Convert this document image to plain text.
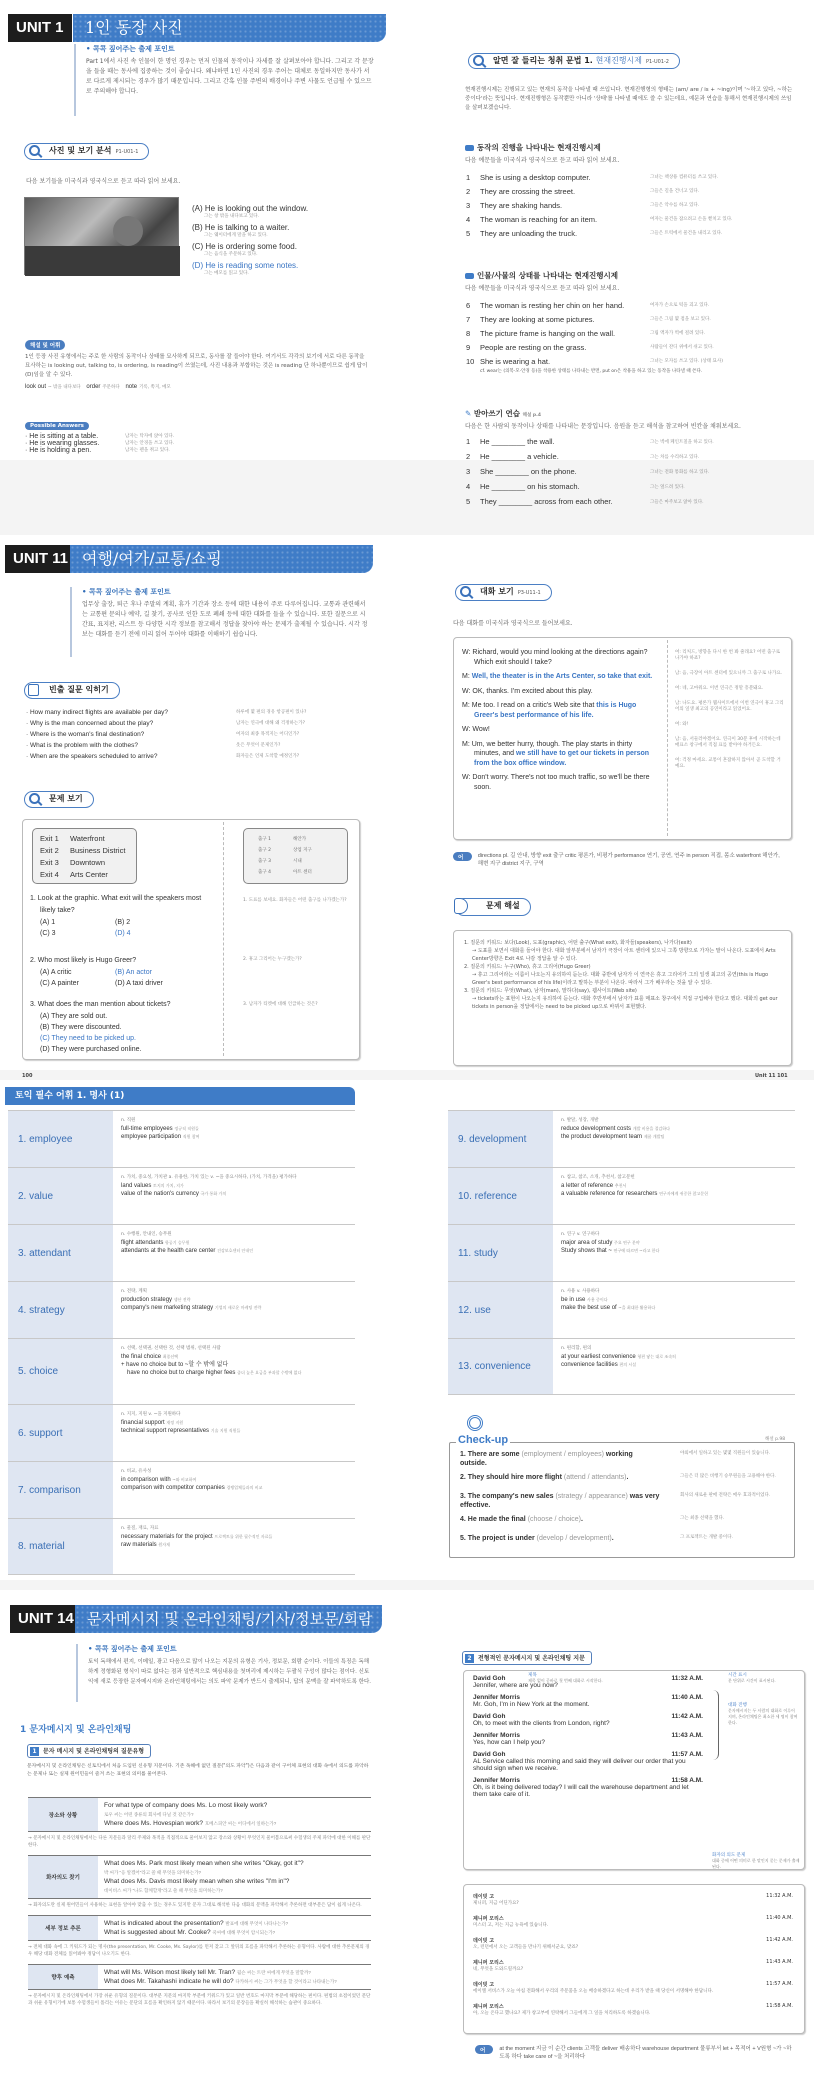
UNIT 1	1인 동장 사진
• 콕콕 짚어주는 출제 포인트
Part 1에서 사진 속 인물이 한 명인 경우는 먼저 인물의 동작이나 자세를 잘 살펴보아야 합니다. 그리고 각 문장을 들을 때는 동사에 집중하는 것이 좋습니다. 왜냐하면 1인 사진의 경우 주어는 대체로 동일하지만 동사가 서로 다르게 제시되는 경우가 많기 때문입니다. 그리고 간혹 인물 주변의 배경이나 주변 사물도 언급될 수 있으므로 주의해야 합니다.
사진 및 보기 분석 P1-U01-1
다음 보기들을 미국식과 영국식으로 듣고 따라 읽어 보세요.
(A) He is looking out the window.
그는 창 밖을 내다보고 있다.
(B) He is talking to a waiter.
그는 웨이터에게 말을 하고 있다.
(C) He is ordering some food.
그는 음식을 주문하고 있다.
(D) He is reading some notes.
그는 메모를 읽고 있다.
해설 및 어휘
1인 등장 사진 유형에서는 주로 한 사람의 동작이나 상태를 묘사하게 되므로, 동사를 잘 들어야 한다. 여기서도 각각의 보기에 서로 다른 동작을 묘사하는 is looking out, talking to, is ordering, is reading이 쓰였는데, 사진 내용과 부합하는 것은 is reading 단 하나뿐이므로 쉽게 답이 (D)임을 알 수 있다.
look out ~ 밖을 내다보다 order 주문하다 note 기록, 쪽지, 메모
Possible Answers
· He is sitting at a table.	남자는 탁자에 앉아 있다.
· He is wearing glasses.	남자는 안경을 쓰고 있다.
· He is holding a pen.	남자는 펜을 쥐고 있다.
알면 잘 들리는 청취 문법 1. 현재진행시제 P1-U01-2
현재진행시제는 진행되고 있는 현재의 동작을 나타낼 때 쓰입니다. 현재진행형의 형태는 (am/ are / is + ~ing)이며 '~하고 있다, ~하는 중이다'라는 뜻입니다. 현재진행형은 동작뿐만 아니라 '상태'를 나타낼 때에도 쓸 수 있는데요, 예문과 연습을 통해서 현재진행시제의 쓰임을 살펴보겠습니다.
동작의 진행을 나타내는 현재진행시제
다음 예문들을 미국식과 영국식으로 듣고 따라 읽어 보세요.
1	She is using a desktop computer.	그녀는 책상용 컴퓨터를 쓰고 있다.
2	They are crossing the street.	그들은 길을 건너고 있다.
3	They are shaking hands.	그들은 악수를 하고 있다.
4	The woman is reaching for an item.	여자는 물건을 잡으려고 손을 뻗치고 있다.
5	They are unloading the truck.	그들은 트럭에서 물건을 내리고 있다.
인물/사물의 상태를 나타내는 현재진행시제
다음 예문들을 미국식과 영국식으로 듣고 따라 읽어 보세요.
6	The woman is resting her chin on her hand.	여자가 손으로 턱을 괴고 있다.
7	They are looking at some pictures.	그들은 그림 몇 점을 보고 있다.
8	The picture frame is hanging on the wall.	그림 액자가 벽에 걸려 있다.
9	People are resting on the grass.	사람들이 잔디 위에서 쉬고 있다.
10 She is wearing a hat.	그녀는 모자를 쓰고 있다. (상태 묘사)
cf. wear는 (의복·모·안경 등)을 착용한 상태를 나타내는 반면, put on은 착용을 하고 있는 동작을 나타낼 때 쓴다.
✎ 받아쓰기 연습 해설 p.4
다음은 한 사람의 동작이나 상태를 나타내는 문장입니다. 음원을 듣고 해석을 참고하여 빈칸을 채워보세요.
1	He ________ the wall.	그는 벽에 페인트칠을 하고 있다.
2	He ________ a vehicle.	그는 차를 수리하고 있다.
3	She ________ on the phone.	그녀는 전화 통화를 하고 있다.
4	He ________ on his stomach.	그는 엎드려 있다.
5	They ________ across from each other.	그들은 마주보고 앉아 있다.
UNIT 11 여행/여가/교통/쇼핑
• 콕콕 짚어주는 출제 포인트
업무상 출장, 퇴근 후나 주말의 계획, 휴가 기간과 장소 등에 대한 내용이 주로 다루어집니다. 교통과 관련해서는 교통편 문의나 예약, 길 찾기, 공사로 인한 도로 폐쇄 등에 대한 대화를 들을 수 있습니다. 또한 질문으로 시간표, 표지판, 리스트 등 다양한 시각 정보를 참고해서 정답을 찾아야 하는 문제가 출제될 수 있습니다. 시각 정보는 대화를 듣기 전에 미리 읽어 두어야 대화를 이해하기 쉽습니다.
빈출 질문 익히기
· How many indirect flights are available per day?	하루에 몇 편의 경유 항공편이 있나?
· Why is the man concerned about the play?	남자는 연극에 대해 왜 걱정하는가?
· Where is the woman's final destination?	여자의 최종 목적지는 어디인가?
· What is the problem with the clothes?	옷은 무엇이 문제인가?
· When are the speakers scheduled to arrive?	화자들은 언제 도착할 예정인가?
문제 보기
Exit 1	Waterfront
Exit 2	Business District
Exit 3	Downtown
Exit 4	Arts Center
출구 1	해안가
출구 2	상업 지구
출구 3	시내
출구 4	아트 센터
1. Look at the graphic. What exit will the speakers most likely take?
(A) 1	(B) 2
(C) 3	(D) 4
2. Who most likely is Hugo Greer?
(A) A critic	(B) An actor
(C) A painter	(D) A taxi driver
3. What does the man mention about tickets?
(A) They are sold out.
(B) They were discounted.
(C) They need to be picked up.
(D) They were purchased online.
1. 도표를 보세요. 화자들은 어떤 출구를 나가겠는가?
2. 휴고 그리어는 누구겠는가?
3. 남자가 티켓에 대해 언급하는 것은?
100
대화 보기 P3-U11-1
다음 대화를 미국식과 영국식으로 들어보세요.

W: Richard, would you mind looking at the directions again? Which exit should I take?

M: Well, the theater is in the Arts Center, so take that exit.

W: OK, thanks. I'm excited about this play.

M: Me too. I read on a critic's Web site that this is Hugo Greer's best performance of his life.

W: Wow!

M: Um, we better hurry, though. The play starts in thirty minutes, and we still have to get our tickets in person from the box office window.

W: Don't worry. There's not too much traffic, so we'll be there soon.

여: 리처드, 방향을 다시 한 번 봐 줄래요? 어떤 출구로 나가야 하죠?

남: 음, 극장이 아트 센터에 있으니까 그 출구로 나가요.

여: 네, 고마워요. 이번 연극은 정말 흥분돼요.

남: 나도요. 평론가 웹사이트에서 이번 연극이 휴고 그리어의 일생 최고의 공연이라고 읽었어요.

여: 와!

남: 음, 서둘러야겠어요. 연극이 30분 후에 시작하는데 매표소 창구에서 직접 표를 받아야 하거든요.

여: 걱정 마세요. 교통이 혼잡하지 않아서 곧 도착할 거예요.

어휘
directions pl. 길 안내, 방향 exit 출구 critic 평론가, 비평가 performance 연기, 공연, 연주 in person 직접, 몸소 waterfront 해안가, 해변 지구 district 지구, 구역
문제 해설

1. 질문의 키워드: 보다(Look), 도표(graphic), 어떤 출구(What exit), 화자들(speakers), 나가다(exit)

→ 도표를 보면서 대화를 들어야 한다. 대화 앞부분에서 남자가 극장이 아트 센터에 있으니 그쪽 방향으로 가자는 말이 나온다. 도표에서 Arts Center방향은 Exit 4로 나감 정답을 알 수 있다.

2. 질문의 키워드: 누구(Who), 휴고 그리어(Hugo Greer)

→ 휴고 그리어라는 이름이 나오는지 유의하여 듣는다. 대화 중반에 남자가 이 연극은 휴고 그리어가 그의 일생 최고의 공연(this is Hugo Greer's best performance of his life)이라고 말하는 부분이 나온다. 따라서 그가 배우라는 것을 알 수 있다.

3. 질문의 키워드: 무엇(What), 남자(man), 말하다(say), 웹사이트(Web site)

→ tickets라는 표현이 나오는지 유의하여 듣는다. 대화 후반부에서 남자가 표를 매표소 창구에서 직접 구입해야 한다고 했다. 대화의 get our tickets in person을 정답에서는 need to be picked up으로 바꿔서 표현했다.

Unit 11 101
토익 필수 어휘 1. 명사 (1)
1. employee
n. 직원
full-time employees 정규직 직원들
employee participation 직원 참여
2. value
n. 가치, 중요성, 가치관 a. 유용한, 가치 있는 v. ~을 중요시하다, (가치, 가격을) 평가하다
land values 토지의 가치, 지가
value of the nation's currency 국가 통화 가치
3. attendant
n. 수행원, 안내인, 승무원
flight attendants 항공기 승무원
attendants at the health care center 건강보호센터 안내인
4. strategy
n. 전략, 계획
production strategy 생산 전략
company's new marketing strategy 기업의 새로운 마케팅 전략
5. choice
n. 선택, 선택권, 선택한 것, 선택 범위, 선택된 사람
the final choice 최종선택
+ have no choice but to ~할 수 밖에 없다
have no choice but to charge higher fees 좀더 높은 요금을 부과할 수밖에 없다
6. support
n. 지지, 지원 v. ~을 지원하다
financial support 재정 지원
technical support representatives 기술 지원 직원들
7. comparison
n. 비교, 유사성
in comparison with ~와 비교하여
comparison with competitor companies 경쟁업체들과의 비교
8. material
n. 물질, 재료, 자료
necessary materials for the project 프로젝트를 위한 필수적인 자료들
raw materials 원자재
9. development
n. 발달, 성장, 개발
reduce development costs 개발 비용을 절감하다
the product development team 제품 개발팀
10. reference
n. 참고, 참조, 소개, 추천서, 참고문헌
a letter of reference 추천서
a valuable reference for researchers 연구자에게 귀중한 참고문헌
11. study
n. 연구 v. 연구하다
major area of study 주요 연구 분야
Study shows that ~ 연구에 따르면 ~라고 한다
12. use
n. 사용 v. 사용하다
be in use 사용 중이다
make the best use of ~을 최대한 활용하다
13. convenience
n. 편리함, 편의
at your earliest convenience 형편 닿는 대로 조속히
convenience facilities 편의 시설
Check-up	해설 p.98
1. There are some (employment / employees) working outside.
야외에서 일하고 있는 몇몇 직원들이 있습니다.
2. They should hire more flight (attend / attendants).	그들은 더 많은 비행기 승무원들을 고용해야 한다.
3. The company's new sales (strategy / appearance) was very effective.
회사의 새로운 판매 전략은 매우 효과적이었다.
4. He made the final (choose / choice).	그는 최종 선택을 했다.
5. The project is under (develop / development).	그 프로젝트는 개발 중이다.
UNIT 14 문자메시지 및 온라인채팅/기사/정보문/회람
• 콕콕 짚어주는 출제 포인트
토익 독해에서 편지, 이메일, 광고 다음으로 많이 나오는 지문의 유형은 기사, 정보문, 회람 순이다. 이들의 특징은 독해하게 정형화된 형식이 따로 없다는 점과 일반적으로 핵심내용을 첫머리에 제시하는 두괄식 구성이 많다는 점이다. 신토익에 새로 등장한 문자메시지와 온라인채팅에서는 의도 파악 문제가 반드시 출제되니, 답의 문맥을 잘 파악하도록 한다.
1 문자메시지 및 온라인채팅
1 문자 메시지 및 온라인채팅의 질문유형
문자메시지 및 온라인채팅은 신토익에서 처음 도입된 신유형 지문이다. 기존 독해에 없던 질문("의도 파악")은 다음과 같이 구어체 표현의 대화 속에서 의도를 파악하는 문제나 또는 실제 원어민들이 즐겨 쓰는 표현의 의미를 물어본다.
장소와 상황
For what type of company does Ms. Lo most likely work?
로우 씨는 어떤 종류의 회사에 다닐 것 같은가?
Where does Ms. Hovespian work? 호베스피안 씨는 어디에서 일하는가?
→ 문자메시지 및 온라인채팅에서는 다른 지문들과 달리 주제와 목적을 직접적으로 물어보지 않고 장소와 상황이 무엇인지 물어봄으로써 수험생의 주제 파악에 대한 이해를 판단한다.
화자의도 찾기
What does Ms. Park most likely mean when she writes "Okay, got it"?
박 씨가 "응 알겠어"라고 쓸 때 무엇을 의미하는가?
What does Ms. Davis most likely mean when she writes "I'm in"?
데이비스 씨가 "나도 함께할게"라고 쓸 때 무엇을 의미하는가?
→ 화자의도란 실제 원어민들이 사용하는 표현을 알아야 맞출 수 있는 경우도 있지만 문자 그대로 해석한 다음 대화의 문맥을 파악해서 추론하면 대부분은 답이 쉽게 나온다.
세부 정보 추론
What is indicated about the presentation? 발표에 대해 무엇이 나타나는가?
What is suggested about Mr. Cooke? 쿡씨에 대해 무엇이 암시되는가?
→ 전체 대화 속에 그 키워드가 되는 명사(the presentation, Mr. Cooke, Ms. Saylor)를 먼저 찾고 그 앞뒤의 흐름을 파악해서 추론하는 유형이다. 사람에 대한 추론문제의 경우 해당 대화 전체를 읽어봐야 정답이 나오기도 한다.
향후 예측
What will Ms. Wilson most likely tell Mr. Tran? 윌슨 씨는 트란 씨에게 무엇을 말할까?
What does Mr. Takahashi indicate he will do? 다카하시 씨는 그가 무엇을 할 것이라고 나타내는가?
→ 문자메시지 및 온라인채팅에서 가장 쉬운 유형의 질문이다. 대부분 지문의 마지막 부분에 키워드가 있고 일반 번호도 마지막 부분에 해당하는 편이다. 편법의 초점이었던 문단과 쉬운 유형이기에 보통 수험생들이 틀리는 이유는 문단의 흐름을 확인하지 않기 때문이다. 따라서 보기의 문장들을 확실히 해석하는 습관이 중요하다.
2 전형적인 문자메시지 및 온라인채팅 지문
David Goh	11:32 A.M.
Jennifer, where are you now?
Jennifer Morris	11:40 A.M.
Mr. Goh, I'm in New York at the moment.
David Goh	11:42 A.M.
Oh, to meet with the clients from London, right?
Jennifer Morris	11:43 A.M.
Yes, how can I help you?
David Goh	11:57 A.M.
AL Service called this morning and said they will deliver our order that you should sign when we receive.
Jennifer Morris	11:58 A.M.
Oh, is it being delivered today? I will call the warehouse department and let them take care of it.
제목
제목 없이 곧바로 첫 번째 대화로 시작한다.
시간 표시
분 단위로 시간이 표시된다.
대화 진행
문자메시지는 두 사람의 대화로 이루어지며, 온라인채팅은 최소한 세 명이 참여한다.
화자의 의도 문제
대화 중에 어떤 의미로 한 말인지 묻는 문제가 출제된다.
데이빗 고	11:32 A.M.
제니퍼, 지금 어딘가요?
제니퍼 모리스	11:40 A.M.
미스터 고, 저는 지금 뉴욕에 있습니다.
데이빗 고	11:42 A.M.
오, 런던에서 오는 고객들을 만나기 위해서군요, 맞죠?
제니퍼 모리스	11:43 A.M.
네, 무엇을 도와드릴까요?
데이빗 고	11:57 A.M.
에이엘 서비스가 오늘 아침 전화해서 우리의 주문품을 오늘 배송하겠다고 하는데 우리가 받을 때 당신이 서명해야 한답니다.
제니퍼 모리스	11:58 A.M.
아, 오늘 온다고 했나요? 제가 창고부에 연락해서 그들에게 그 일을 처리하도록 하겠습니다.
어휘
at the moment 지금 이 순간 clients 고객들 deliver 배송하다 warehouse department 물류부서 let + 목적어 + V원형 ~가 ~하도록 하다 take care of ~을 처리하다
